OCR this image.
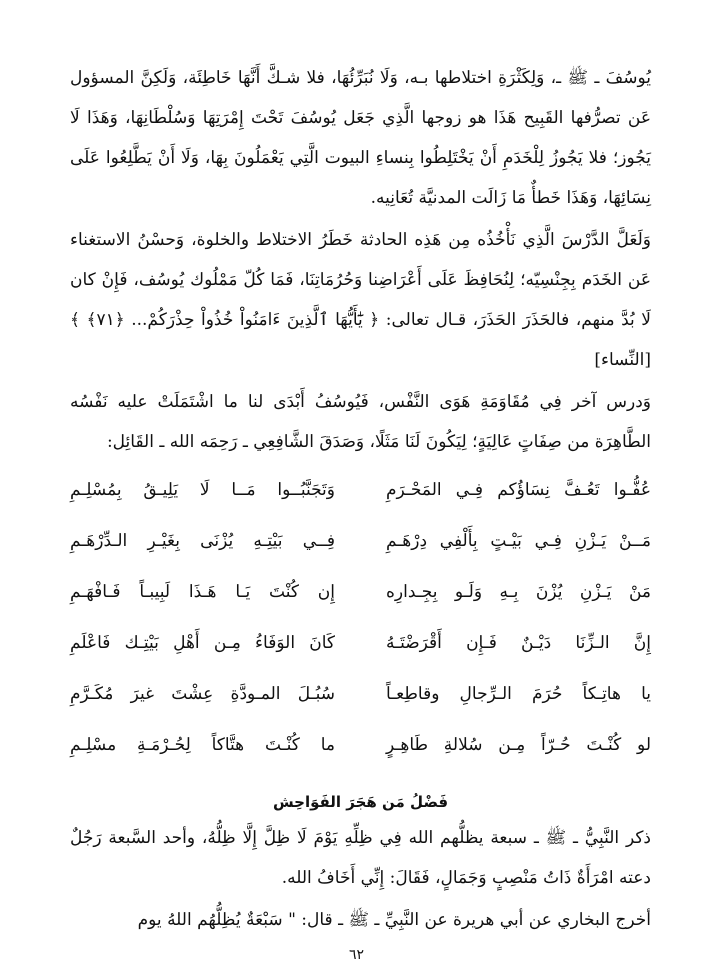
يُوسُفَ ـ ﷺ ـ، وَلِكَثْرَةِ اختلاطها بـه، وَلَا نُبَرِّئُهَا، فلا شـكَّ أَنَّهَا خَاطِئَة، وَلَكِنَّ المسؤول عَن تصرُّفها القَبِيح هَذَا هو زوجها الَّذِي جَعَل يُوسُفَ تَحْتَ إِمْرَتِهَا وَسُلْطَانِهَا، وَهَذَا لَا يَجُوز؛ فلا يَجُوزُ لِلْخَدَمِ أَنْ يَخْتَلِطُوا بِنساءِ البيوت الَّتِي يَعْمَلُونَ بِهَا، وَلَا أَنْ يَطَّلِعُوا عَلَى نِسَائِهَا، وَهَذَا خَطأٌ مَا زَالَت المدنيَّة تُعَانِيه.

وَلَعَلَّ الدَّرْسَ الَّذِي نَأْخُذُه مِن هَذِه الحادثة خَطَرُ الاختلاط والخلوة، وَحسْنُ الاستغناء عَن الخَدَم بِجِنْسِيّه؛ لِنُحَافِظَ عَلَى أَعْرَاضِنا وَحُرُمَاتِنَا، فَمَا كُلّ مَمْلُوك يُوسُف، فَإِنْ كان لَا بُدَّ منهم، فالحَذَرَ الحَذَرَ، قـال تعالى: ﴿ يَٰٓأَيُّهَا ٱلَّذِينَ ءَامَنُواْ خُذُواْ حِذْرَكُمْ... ﴿٧١﴾ ﴾ [النِّساء]

وَدرس آخر فِي مُقَاوَمَةِ هَوَى النَّفْس، فَيُوسُفُ أَبْدَى لنا ما اشْتَمَلَتْ عليه نَفْسُه الطَّاهِرَة من صِفَاتٍ عَالِيَةٍ؛ لِيَكُونَ لَنَا مَثَلًا، وَصَدَقَ الشَّافِعِي ـ رَحِمَه الله ـ القَائِل:

عُفُّـوا تَعُـفَّ نِسَاؤُكم فِـي المَحْـرَمِ
وَتَجَنَّبُــوا مَــا لَا يَلِيـقُ بِمُسْلِـمِ
مَــنْ يَـزْنِ فِـي بَيْـتٍ بِأَلْفِي دِرْهَـمِ
فِــي بَيْتِـهِ يُزْنَى بِغَيْـرِ الـدِّرْهَـمِ
مَنْ يَـزْنِ يُزْنَ بِـهِ وَلَـو بِجِـدارِه
إِن كُنْتَ يَـا هَـذَا لَبِيبـاً فَـافْهَـمِ
إِنَّ الـزِّنَا دَيْـنٌ فَـإِن أَقْرَضْتَـهُ
كَانَ الوَفَاءُ مِـن أَهْلِ بَيْتِـك فَاعْلَمِ
يا هاتِـكاً حُرَمَ الـرِّجالِ وقاطِعـاً
سُبُـلَ المـودَّةِ عِشْتَ غيرَ مُكَـرَّمِ
لو كُنْـتَ حُـرّاً مِـن سُلالةِ طَاهِـرٍ
ما كُنْـتَ هتَّاكاً لِحُـرْمَـةِ مسْلِـمِ
فَضْلُ مَن هَجَرَ الفَوَاحِش

ذكر النَّبِيُّ ـ ﷺ ـ سبعة يظلُّهم الله فِي ظِلِّهِ يَوْمَ لَا ظِلَّ إِلَّا ظِلُّهُ، وأحد السَّبعة رَجُلٌ دعته امْرَأَةٌ ذَاتُ مَنْصِبٍ وَجَمَالٍ، فَقَالَ: إِنِّي أَخَافُ الله.

أخرج البخاري عن أبي هريرة عن النَّبِيِّ ـ ﷺ ـ قال: " سَبْعَةٌ يُظِلُّهُم اللهُ يوم

٦٢
